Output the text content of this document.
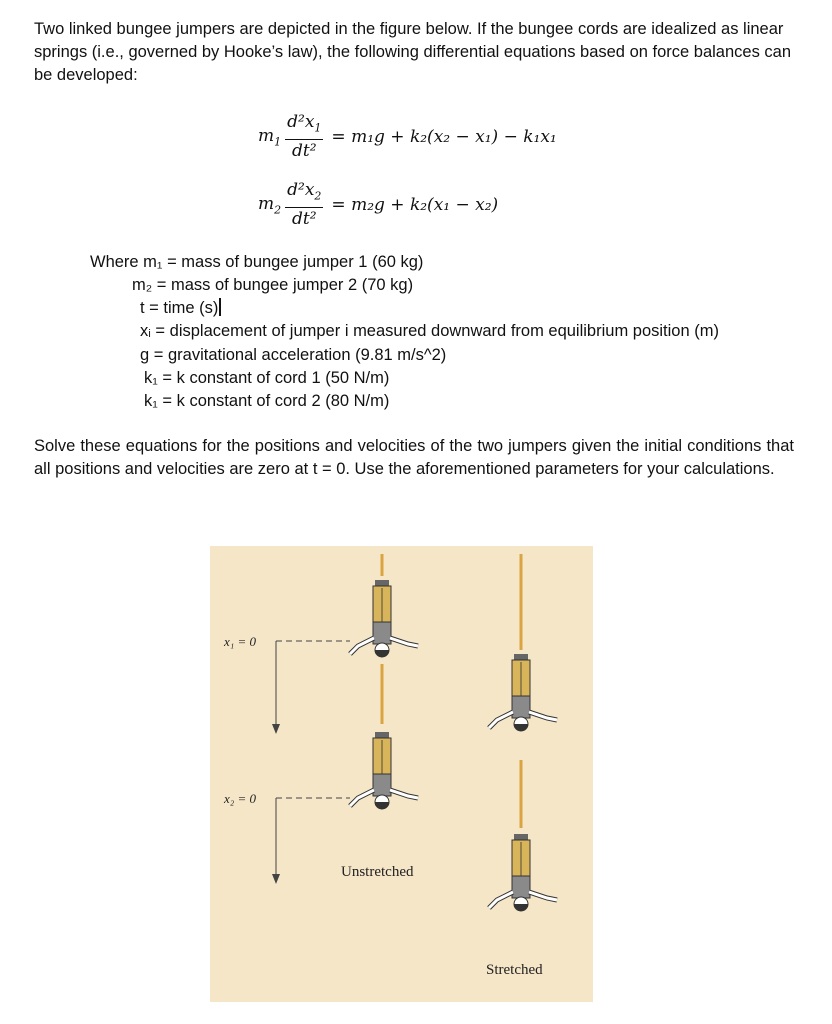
Two linked bungee jumpers are depicted in the figure below. If the bungee cords are idealized as linear springs (i.e., governed by Hooke’s law), the following differential equations based on force balances can be developed:

$m_1 \frac{d^2x_1}{\text{dt²}} = m_1g + k_2(x_2 - x_1) - k_1x_1$
$m_2 \frac{d^2x_2}{\text{dt²}} = m_2g + k_2(x_1 - x_2)$
Where m₁ = mass of bungee jumper 1 (60 kg)
m₂ = mass of bungee jumper 2 (70 kg)
t = time (s)
xᵢ = displacement of jumper i measured downward from equilibrium position (m)
g = gravitational acceleration (9.81 m/s^2)
k₁ = k constant of cord 1 (50 N/m)
k₁ = k constant of cord 2 (80 N/m)

Solve these equations for the positions and velocities of the two jumpers given the initial conditions that all positions and velocities are zero at t = 0. Use the aforementioned parameters for your calculations.

x₁ = 0
x₂ = 0
Unstretched
Stretched
